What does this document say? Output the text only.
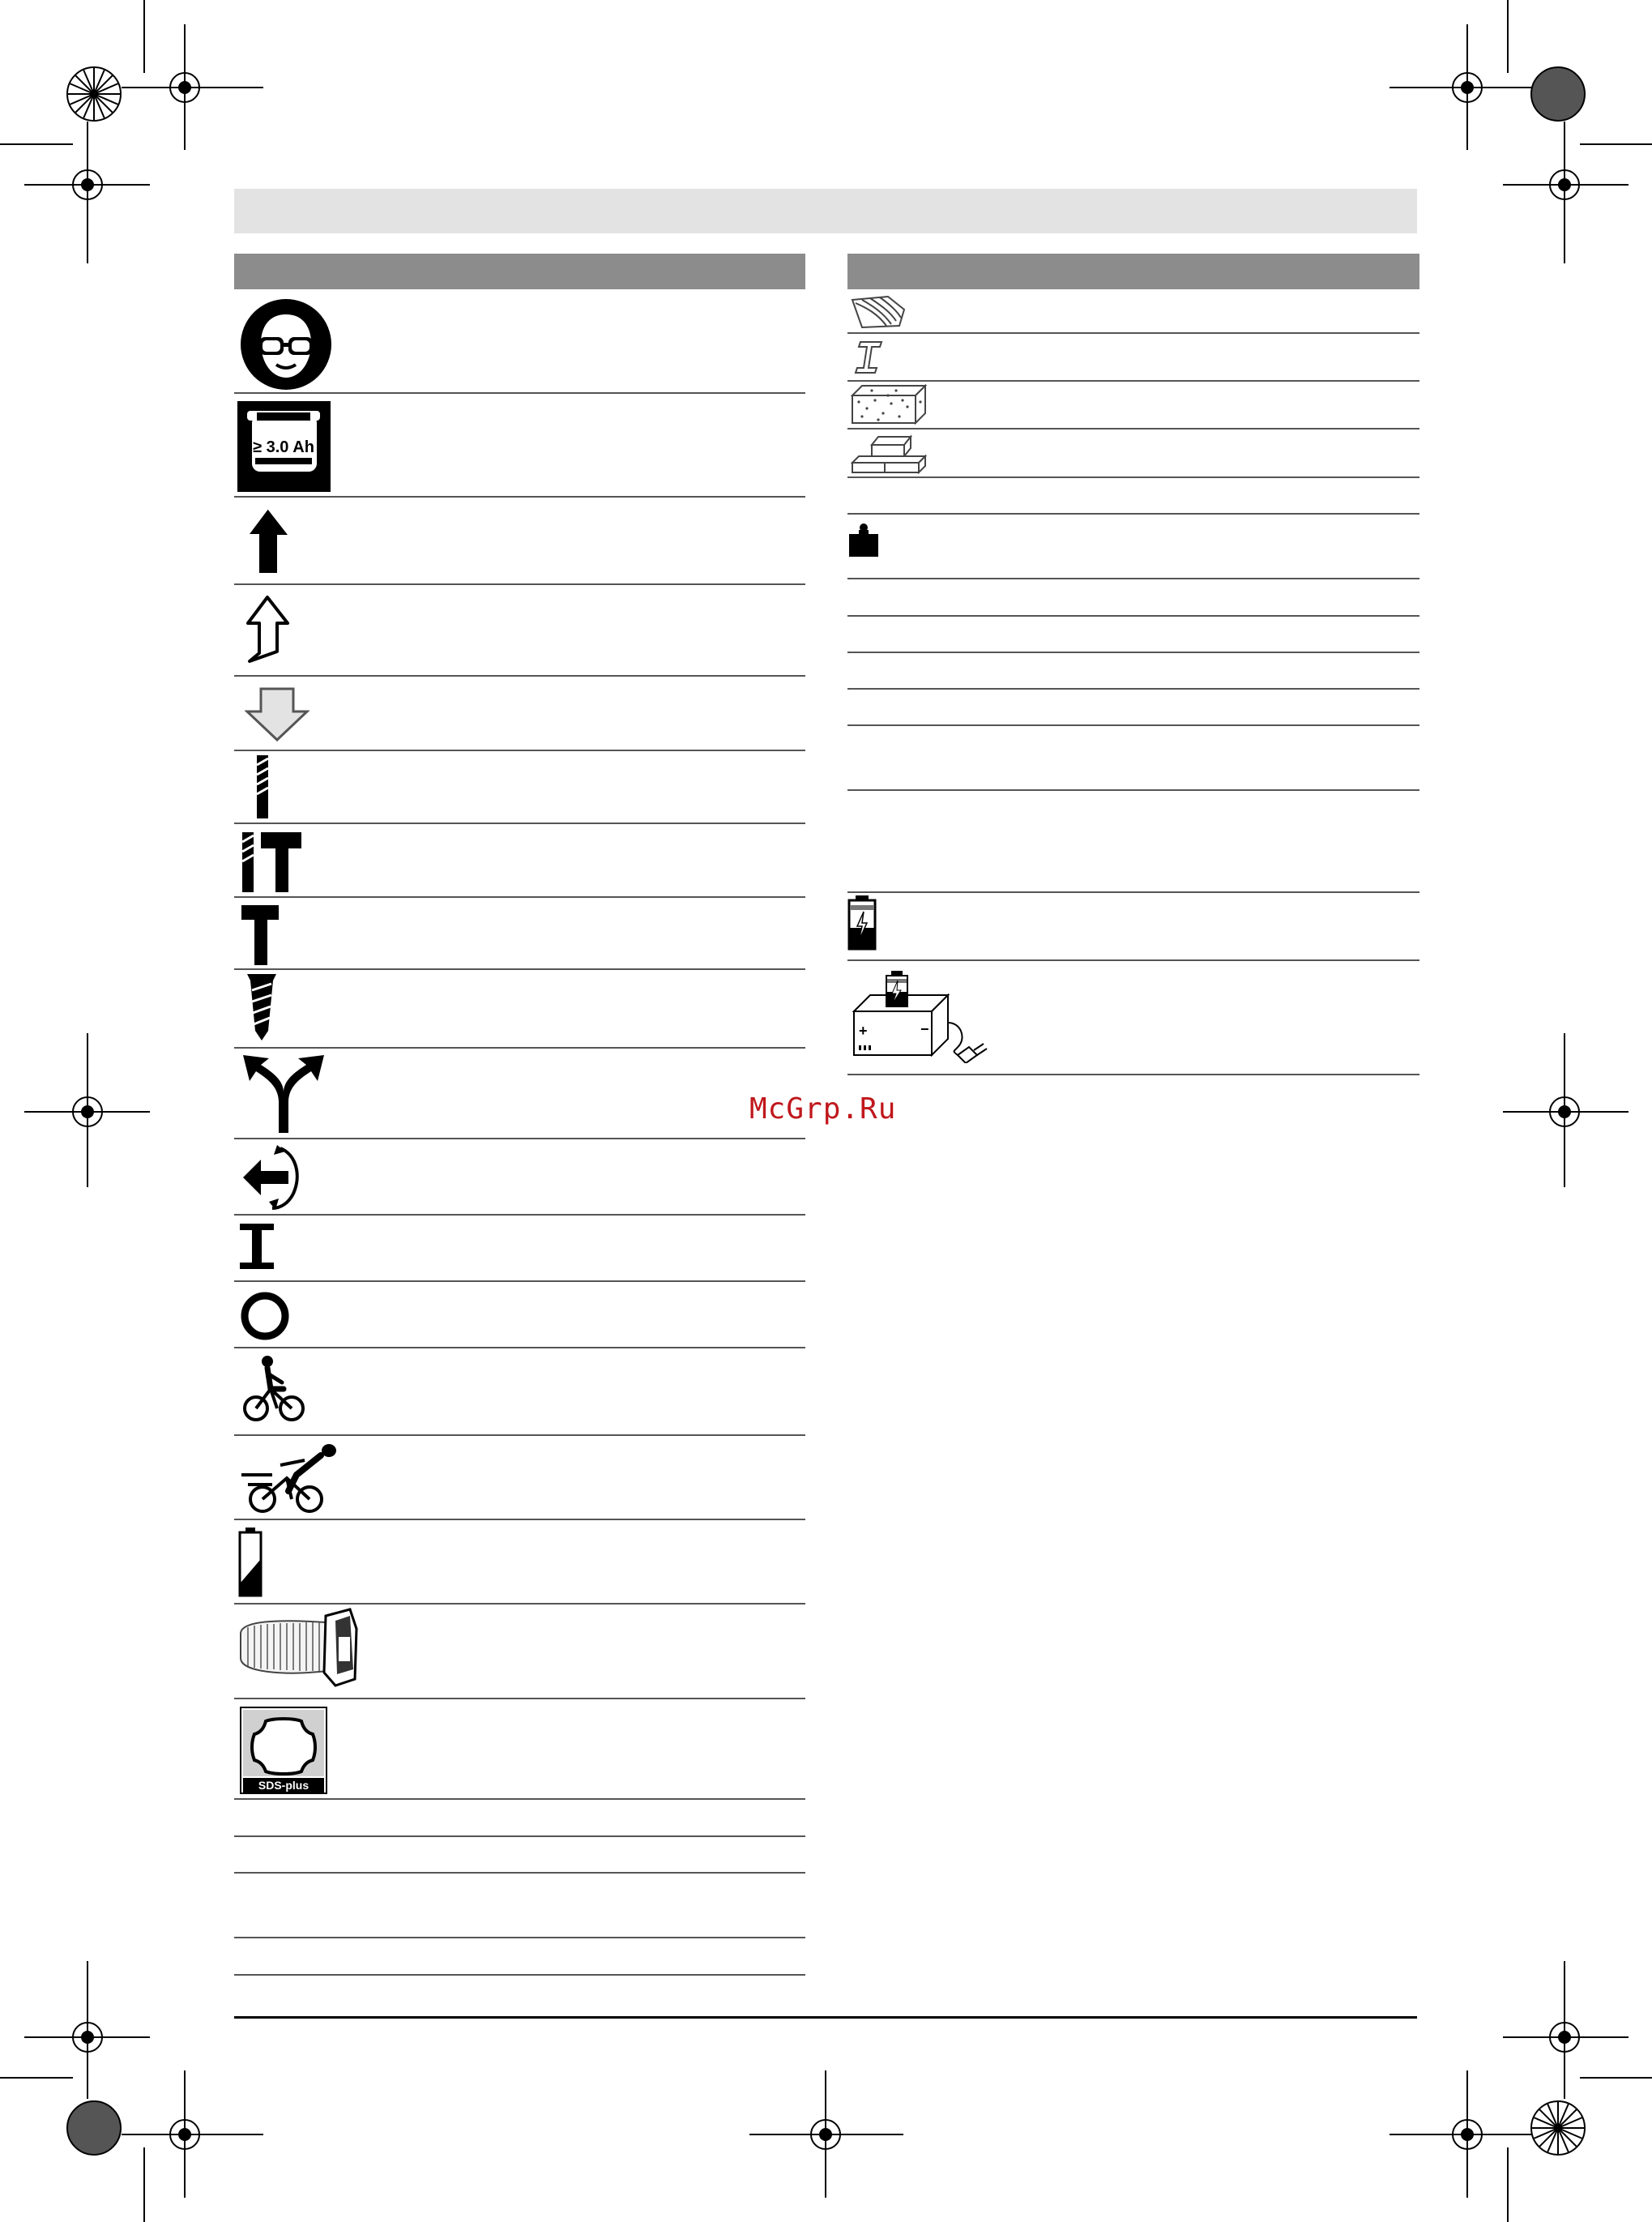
≥ 3.0 Ah
SDS-plus
+	−
McGrp.Ru
